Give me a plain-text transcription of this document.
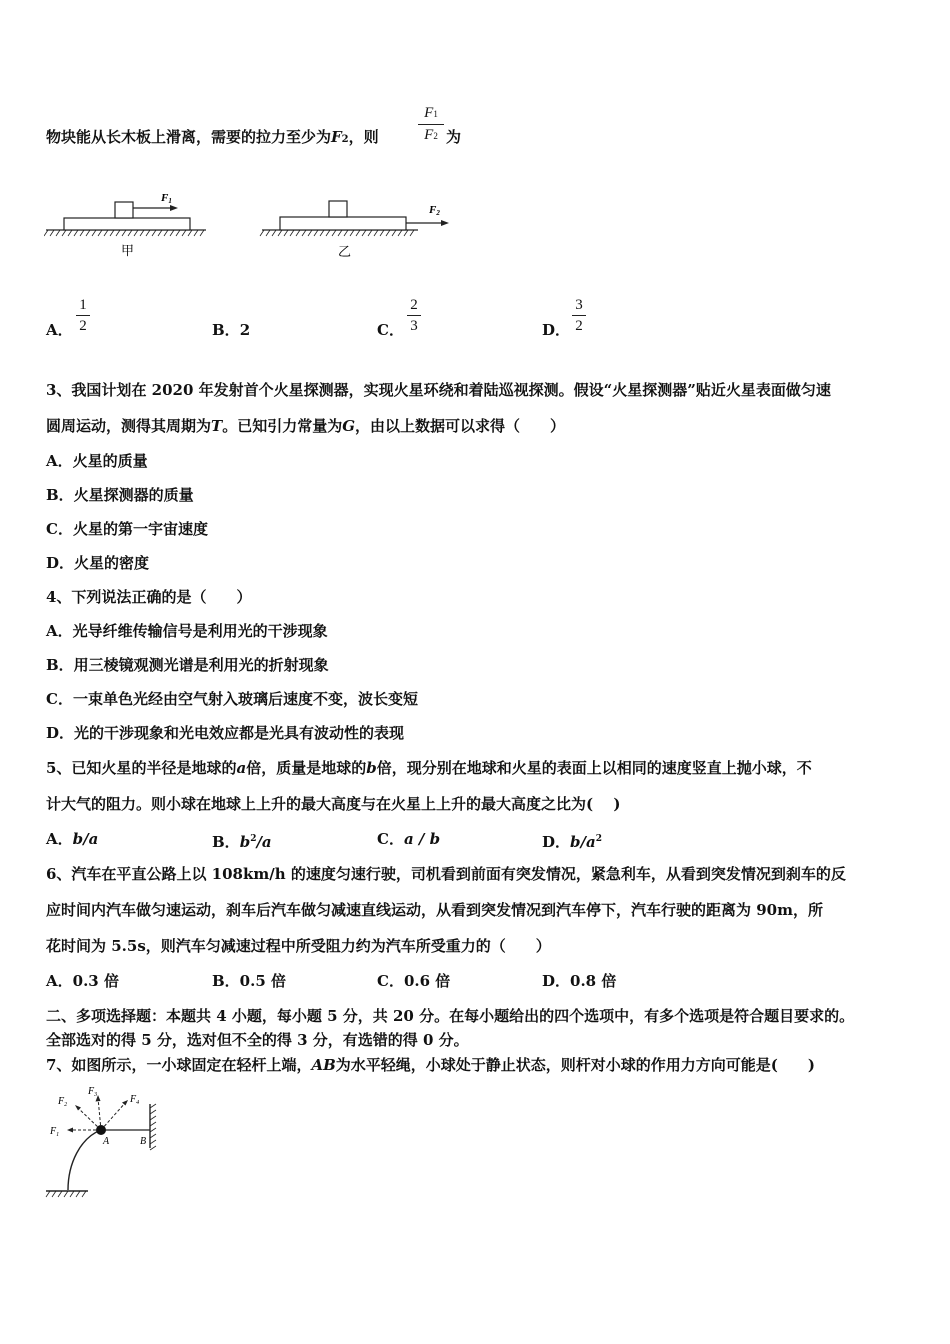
物块能从长木板上滑离，需要的拉力至少为F2，则
F1
F2 为
F1
甲
F2
乙
A．
1
2	B．2	C．
2
3	D．
3
2
3、我国计划在 2020 年发射首个火星探测器，实现火星环绕和着陆巡视探测。假设“火星探测器”贴近火星表面做匀速
圆周运动，测得其周期为T。已知引力常量为G，由以上数据可以求得（　　）
A．火星的质量
B．火星探测器的质量
C．火星的第一宇宙速度
D．火星的密度
4、下列说法正确的是（　　）
A．光导纤维传输信号是利用光的干涉现象
B．用三棱镜观测光谱是利用光的折射现象
C．一束单色光经由空气射入玻璃后速度不变，波长变短
D．光的干涉现象和光电效应都是光具有波动性的表现
5、已知火星的半径是地球的a倍，质量是地球的b倍，现分别在地球和火星的表面上以相同的速度竖直上抛小球，不
计大气的阻力。则小球在地球上上升的最大高度与在火星上上升的最大高度之比为(　 )
A．b/a	B．$b^2/a$	C．a / b	D．$b/a^2$
6、汽车在平直公路上以 108km/h 的速度匀速行驶，司机看到前面有突发情况，紧急利车，从看到突发情况到刹车的反
应时间内汽车做匀速运动，刹车后汽车做匀减速直线运动，从看到突发情况到汽车停下，汽车行驶的距离为 90m，所
花时间为 5.5s，则汽车匀减速过程中所受阻力约为汽车所受重力的（　　）
A．0.3 倍	B．0.5 倍	C．0.6 倍	D．0.8 倍
二、多项选择题：本题共 4 小题，每小题 5 分，共 20 分。在每小题给出的四个选项中，有多个选项是符合题目要求的。
全部选对的得 5 分，选对但不全的得 3 分，有选错的得 0 分。
7、如图所示，一小球固定在轻杆上端，AB为水平轻绳，小球处于静止状态，则杆对小球的作用力方向可能是(　　)
$F_1$
$F_2$
$F_3$	$F_4$
A	B
